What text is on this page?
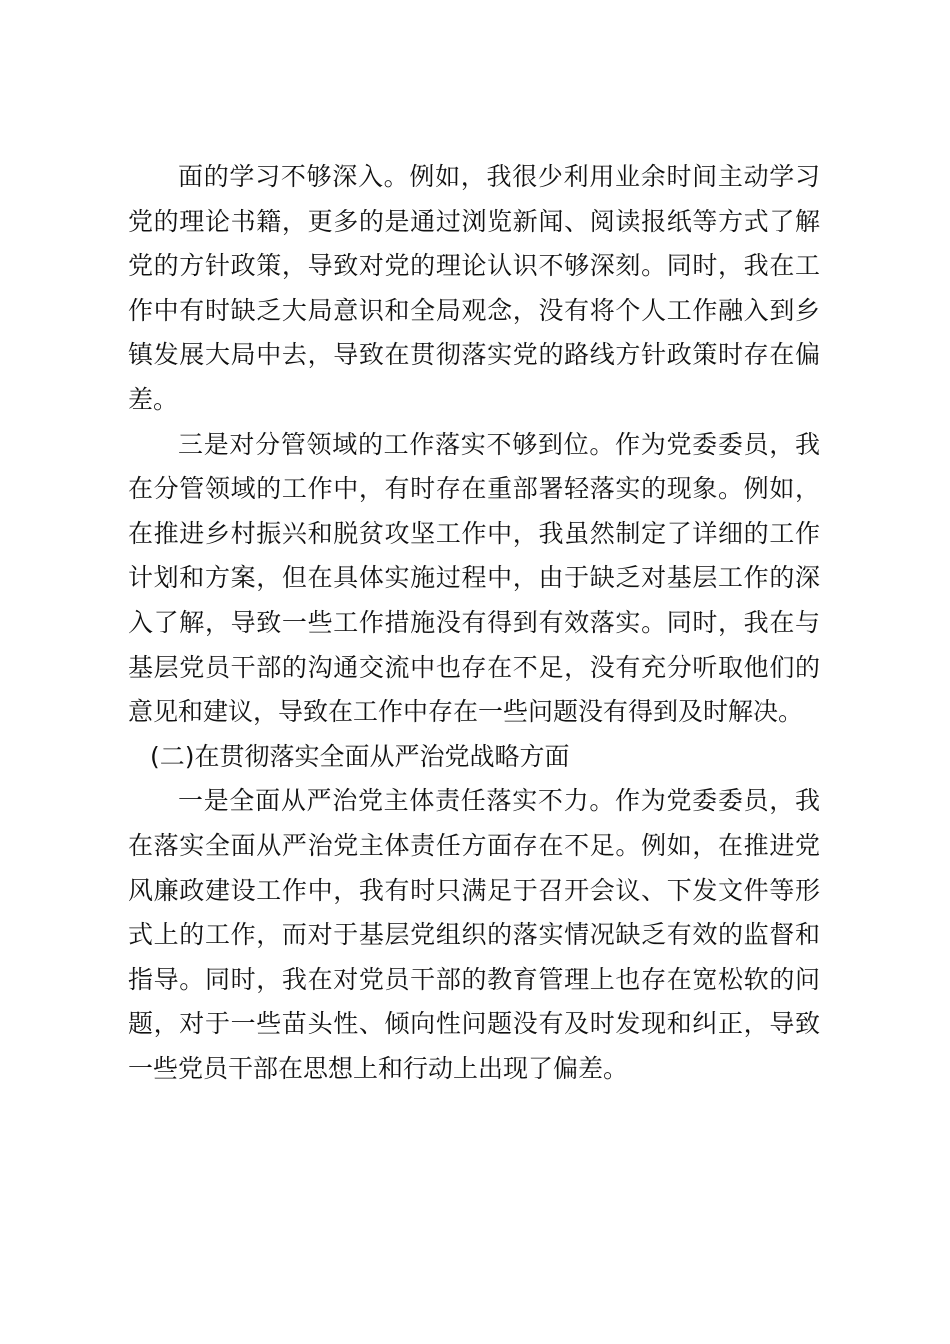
面的学习不够深入。例如，我很少利用业余时间主动学习
党的理论书籍，更多的是通过浏览新闻、阅读报纸等方式了解
党的方针政策，导致对党的理论认识不够深刻。同时，我在工
作中有时缺乏大局意识和全局观念，没有将个人工作融入到乡
镇发展大局中去，导致在贯彻落实党的路线方针政策时存在偏
差。
三是对分管领域的工作落实不够到位。作为党委委员，我
在分管领域的工作中，有时存在重部署轻落实的现象。例如，
在推进乡村振兴和脱贫攻坚工作中，我虽然制定了详细的工作
计划和方案，但在具体实施过程中，由于缺乏对基层工作的深
入了解，导致一些工作措施没有得到有效落实。同时，我在与
基层党员干部的沟通交流中也存在不足，没有充分听取他们的
意见和建议，导致在工作中存在一些问题没有得到及时解决。
(二)在贯彻落实全面从严治党战略方面
一是全面从严治党主体责任落实不力。作为党委委员，我
在落实全面从严治党主体责任方面存在不足。例如，在推进党
风廉政建设工作中，我有时只满足于召开会议、下发文件等形
式上的工作，而对于基层党组织的落实情况缺乏有效的监督和
指导。同时，我在对党员干部的教育管理上也存在宽松软的问
题，对于一些苗头性、倾向性问题没有及时发现和纠正，导致
一些党员干部在思想上和行动上出现了偏差。
